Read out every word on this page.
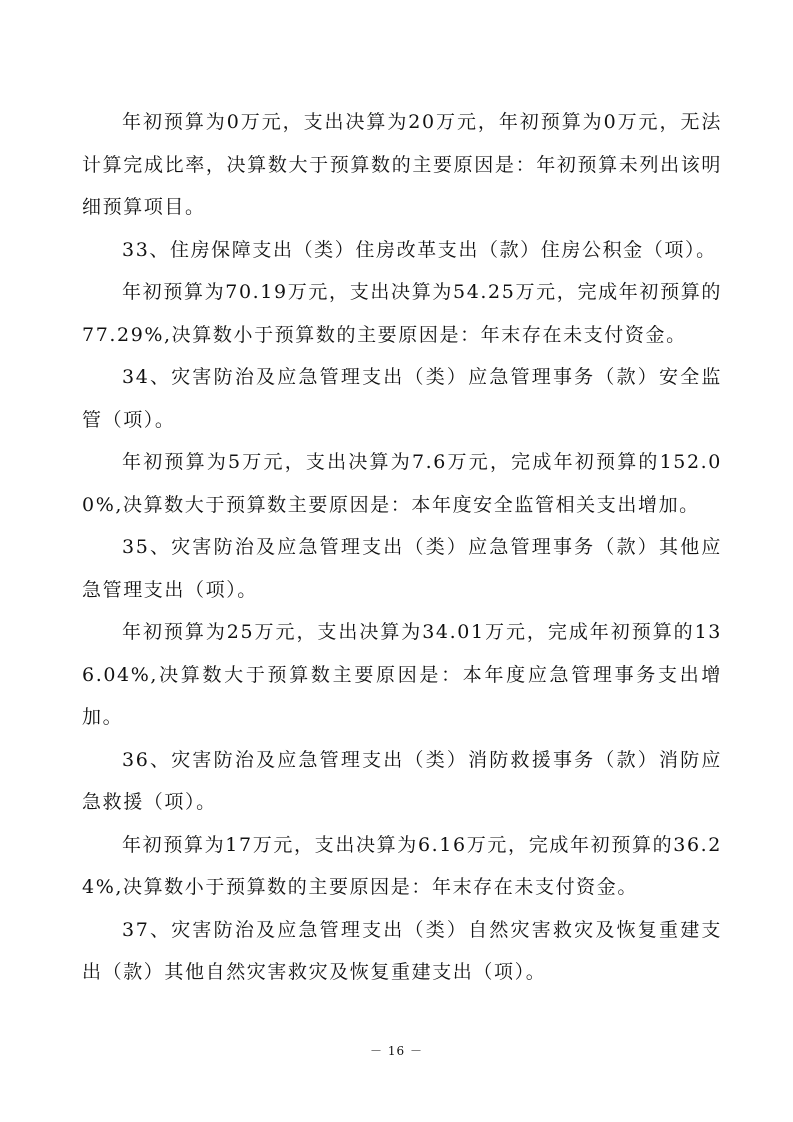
年初预算为0万元，支出决算为20万元，年初预算为0万元，无法计算完成比率，决算数大于预算数的主要原因是：年初预算未列出该明细预算项目。

33、住房保障支出（类）住房改革支出（款）住房公积金（项）。

年初预算为70.19万元，支出决算为54.25万元，完成年初预算的77.29%,决算数小于预算数的主要原因是：年末存在未支付资金。

34、灾害防治及应急管理支出（类）应急管理事务（款）安全监管（项）。

年初预算为5万元，支出决算为7.6万元，完成年初预算的152.00%,决算数大于预算数主要原因是：本年度安全监管相关支出增加。

35、灾害防治及应急管理支出（类）应急管理事务（款）其他应急管理支出（项）。

年初预算为25万元，支出决算为34.01万元，完成年初预算的136.04%,决算数大于预算数主要原因是：本年度应急管理事务支出增加。

36、灾害防治及应急管理支出（类）消防救援事务（款）消防应急救援（项）。

年初预算为17万元，支出决算为6.16万元，完成年初预算的36.24%,决算数小于预算数的主要原因是：年末存在未支付资金。

37、灾害防治及应急管理支出（类）自然灾害救灾及恢复重建支出（款）其他自然灾害救灾及恢复重建支出（项）。

－ 16 －
